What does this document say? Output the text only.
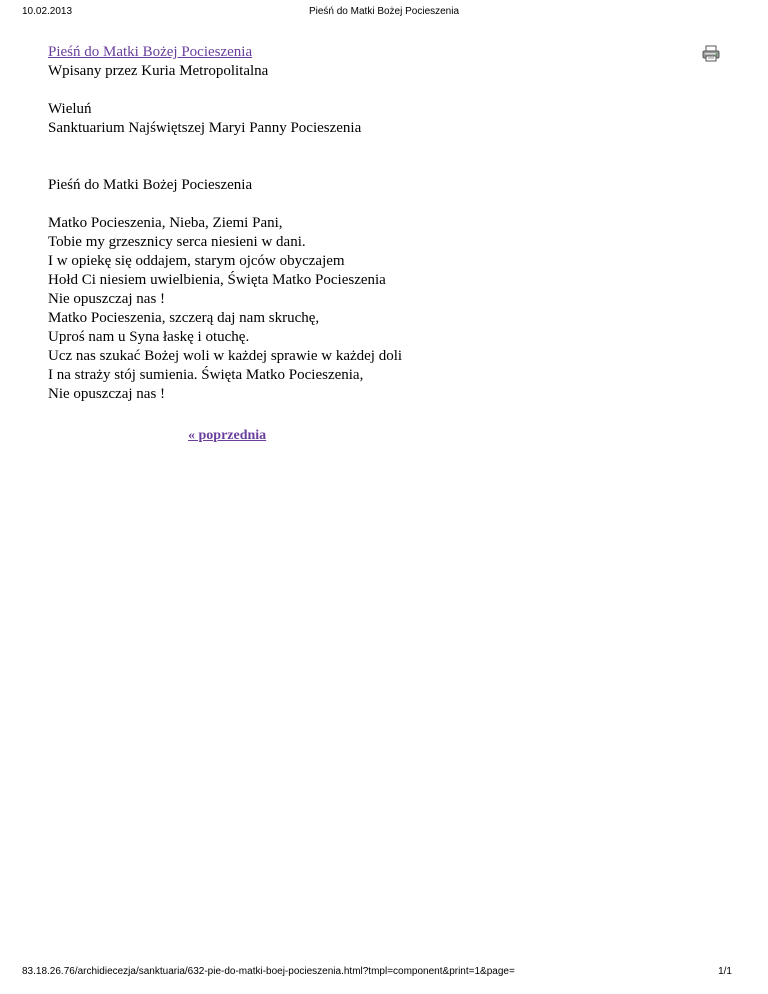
10.02.2013	Pieśń do Matki Bożej Pocieszenia
Pieśń do Matki Bożej Pocieszenia
Wpisany przez Kuria Metropolitalna
Wieluń
Sanktuarium Najświętszej Maryi Panny Pocieszenia
Pieśń do Matki Bożej Pocieszenia
Matko Pocieszenia, Nieba, Ziemi Pani,
Tobie my grzesznicy serca niesieni w dani.
I w opiekę się oddajem, starym ojców obyczajem
Hołd Ci niesiem uwielbienia, Święta Matko Pocieszenia
Nie opuszczaj nas !
Matko Pocieszenia, szczerą daj nam skruchę,
Uproś nam u Syna łaskę i otuchę.
Ucz nas szukać Bożej woli w każdej sprawie w każdej doli
I na straży stój sumienia. Święta Matko Pocieszenia,
Nie opuszczaj nas !
« poprzednia
83.18.26.76/archidiecezja/sanktuaria/632-pie-do-matki-boej-pocieszenia.html?tmpl=component&print=1&page=	1/1
